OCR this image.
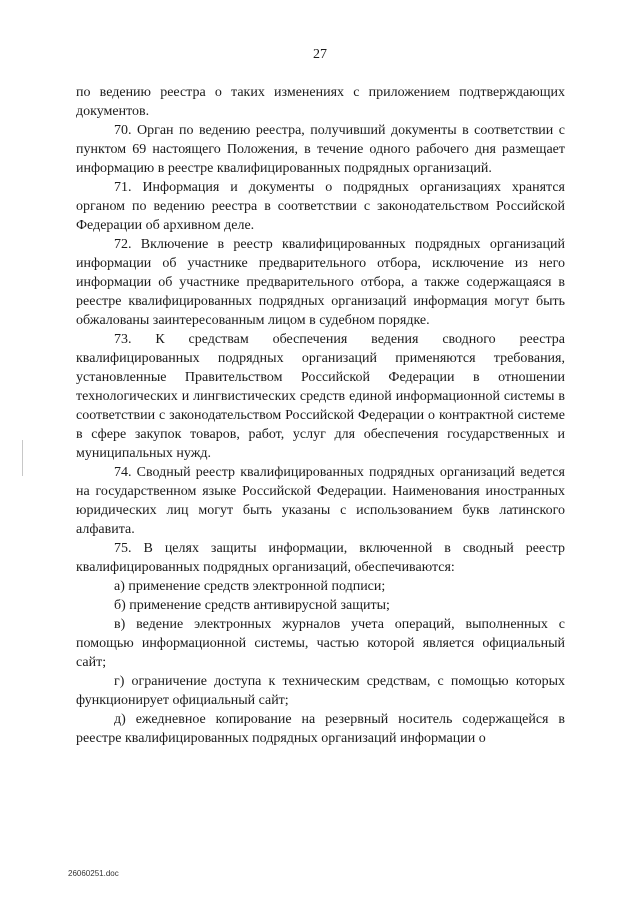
27

по ведению реестра о таких изменениях с приложением подтверждающих документов.

70. Орган по ведению реестра, получивший документы в соответствии с пунктом 69 настоящего Положения, в течение одного рабочего дня размещает информацию в реестре квалифицированных подрядных организаций.

71. Информация и документы о подрядных организациях хранятся органом по ведению реестра в соответствии с законодательством Российской Федерации об архивном деле.

72. Включение в реестр квалифицированных подрядных организаций информации об участнике предварительного отбора, исключение из него информации об участнике предварительного отбора, а также содержащаяся в реестре квалифицированных подрядных организаций информация могут быть обжалованы заинтересованным лицом в судебном порядке.

73. К средствам обеспечения ведения сводного реестра квалифицированных подрядных организаций применяются требования, установленные Правительством Российской Федерации в отношении технологических и лингвистических средств единой информационной системы в соответствии с законодательством Российской Федерации о контрактной системе в сфере закупок товаров, работ, услуг для обеспечения государственных и муниципальных нужд.

74. Сводный реестр квалифицированных подрядных организаций ведется на государственном языке Российской Федерации. Наименования иностранных юридических лиц могут быть указаны с использованием букв латинского алфавита.

75. В целях защиты информации, включенной в сводный реестр квалифицированных подрядных организаций, обеспечиваются:

а) применение средств электронной подписи;

б) применение средств антивирусной защиты;

в) ведение электронных журналов учета операций, выполненных с помощью информационной системы, частью которой является официальный сайт;

г) ограничение доступа к техническим средствам, с помощью которых функционирует официальный сайт;

д) ежедневное копирование на резервный носитель содержащейся в реестре квалифицированных подрядных организаций информации о

26060251.doc
